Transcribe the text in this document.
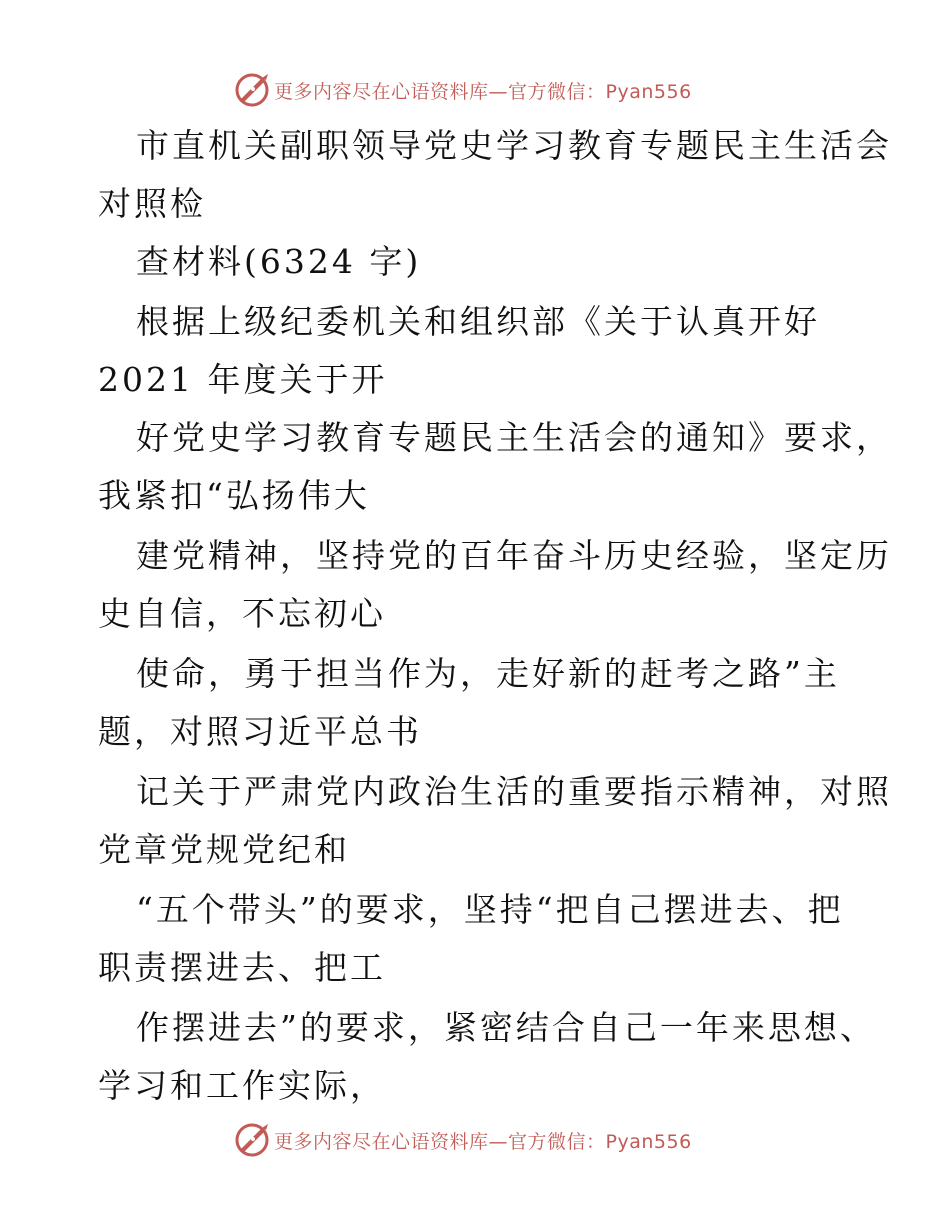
更多内容尽在心语资料库—官方微信：Pyan556
市直机关副职领导党史学习教育专题民主生活会
对照检
查材料(6324 字)
根据上级纪委机关和组织部《关于认真开好
2021 年度关于开
好党史学习教育专题民主生活会的通知》要求，
我紧扣“弘扬伟大
建党精神，坚持党的百年奋斗历史经验，坚定历
史自信，不忘初心
使命，勇于担当作为，走好新的赶考之路”主
题，对照习近平总书
记关于严肃党内政治生活的重要指示精神，对照
党章党规党纪和
“五个带头”的要求，坚持“把自己摆进去、把
职责摆进去、把工
作摆进去”的要求，紧密结合自己一年来思想、
学习和工作实际，
更多内容尽在心语资料库—官方微信：Pyan556
